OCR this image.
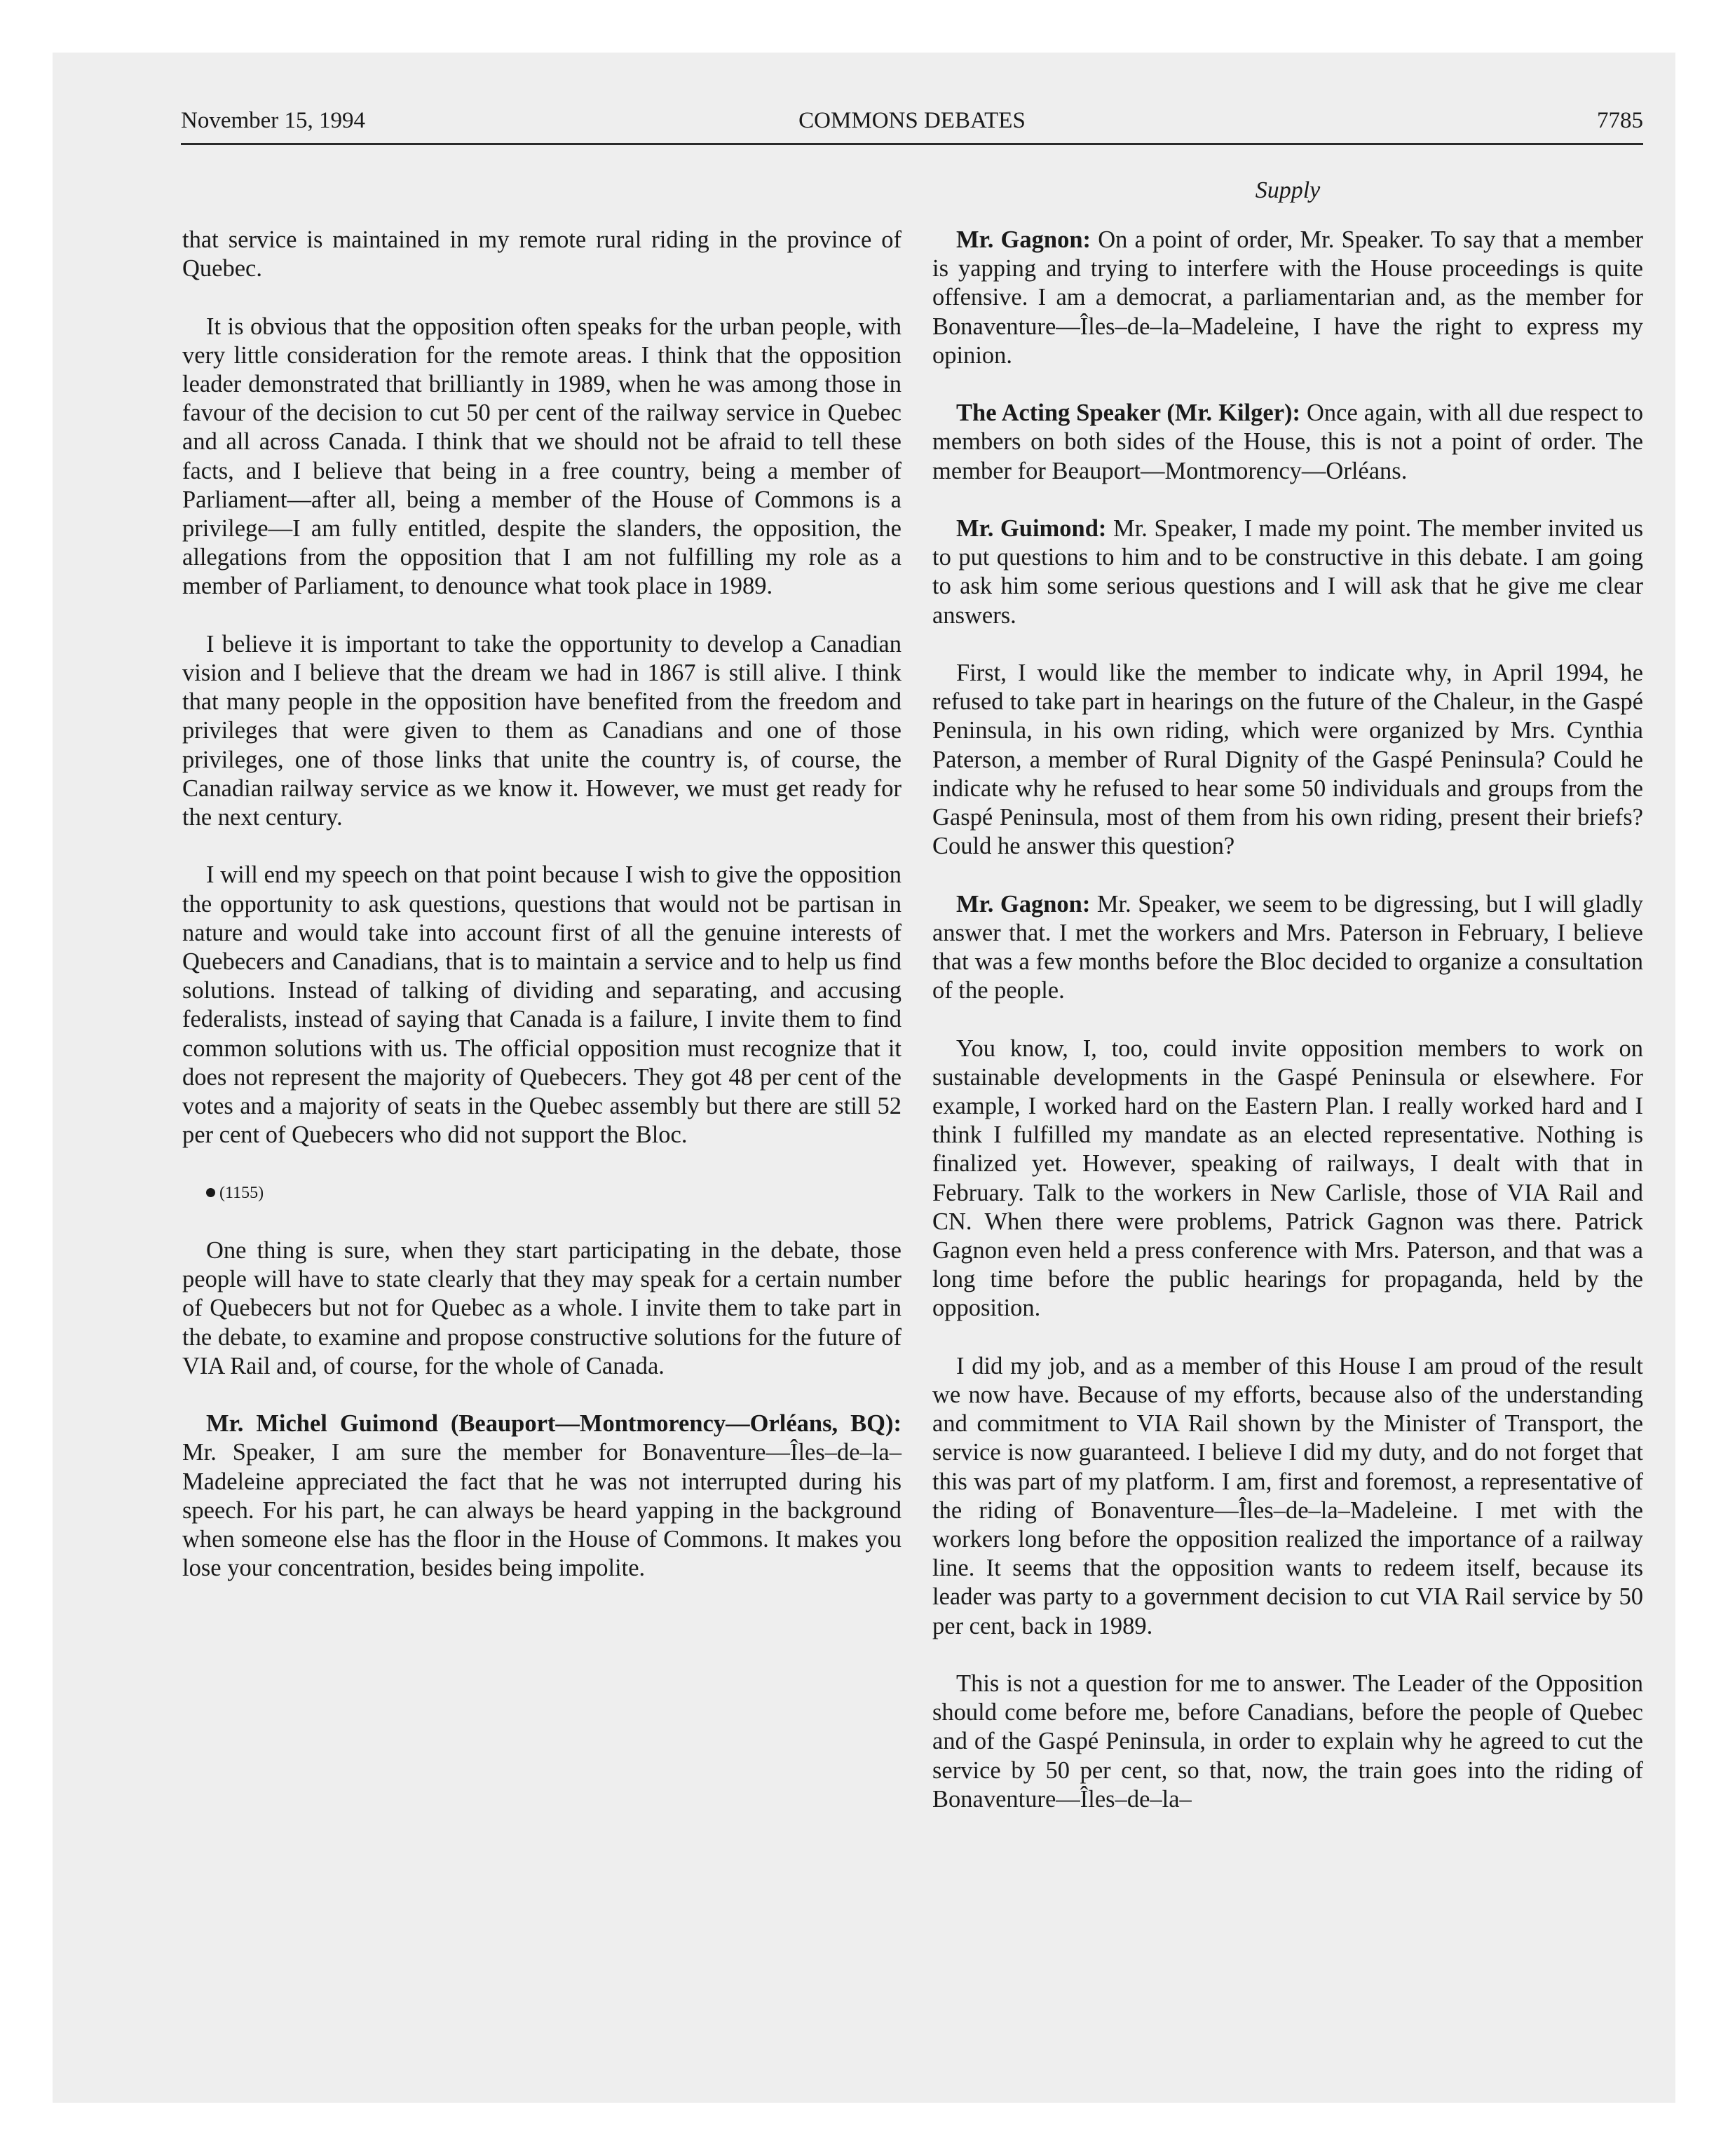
November 15, 1994	COMMONS DEBATES	7785
Supply

that service is maintained in my remote rural riding in the province of Quebec.

It is obvious that the opposition often speaks for the urban people, with very little consideration for the remote areas. I think that the opposition leader demonstrated that brilliantly in 1989, when he was among those in favour of the decision to cut 50 per cent of the railway service in Quebec and all across Canada. I think that we should not be afraid to tell these facts, and I believe that being in a free country, being a member of Parliament—after all, being a member of the House of Commons is a privilege—I am fully entitled, despite the slanders, the opposition, the allegations from the opposition that I am not fulfilling my role as a member of Parliament, to denounce what took place in 1989.

I believe it is important to take the opportunity to develop a Canadian vision and I believe that the dream we had in 1867 is still alive. I think that many people in the opposition have benefited from the freedom and privileges that were given to them as Canadians and one of those privileges, one of those links that unite the country is, of course, the Canadian railway service as we know it. However, we must get ready for the next century.

I will end my speech on that point because I wish to give the opposition the opportunity to ask questions, questions that would not be partisan in nature and would take into account first of all the genuine interests of Quebecers and Canadians, that is to maintain a service and to help us find solutions. Instead of talking of dividing and separating, and accusing federalists, instead of saying that Canada is a failure, I invite them to find common solutions with us. The official opposition must recognize that it does not represent the majority of Quebecers. They got 48 per cent of the votes and a majority of seats in the Quebec assembly but there are still 52 per cent of Quebecers who did not support the Bloc.

(1155)

One thing is sure, when they start participating in the debate, those people will have to state clearly that they may speak for a certain number of Quebecers but not for Quebec as a whole. I invite them to take part in the debate, to examine and propose constructive solutions for the future of VIA Rail and, of course, for the whole of Canada.

Mr. Michel Guimond (Beauport—Montmorency—Orléans, BQ): Mr. Speaker, I am sure the member for Bonaventure—Îles–de–la–Madeleine appreciated the fact that he was not interrupted during his speech. For his part, he can always be heard yapping in the background when someone else has the floor in the House of Commons. It makes you lose your concentration, besides being impolite.

Mr. Gagnon: On a point of order, Mr. Speaker. To say that a member is yapping and trying to interfere with the House proceedings is quite offensive. I am a democrat, a parliamentarian and, as the member for Bonaventure—Îles–de–la–Madeleine, I have the right to express my opinion.

The Acting Speaker (Mr. Kilger): Once again, with all due respect to members on both sides of the House, this is not a point of order. The member for Beauport—Montmorency—Orléans.

Mr. Guimond: Mr. Speaker, I made my point. The member invited us to put questions to him and to be constructive in this debate. I am going to ask him some serious questions and I will ask that he give me clear answers.

First, I would like the member to indicate why, in April 1994, he refused to take part in hearings on the future of the Chaleur, in the Gaspé Peninsula, in his own riding, which were organized by Mrs. Cynthia Paterson, a member of Rural Dignity of the Gaspé Peninsula? Could he indicate why he refused to hear some 50 individuals and groups from the Gaspé Peninsula, most of them from his own riding, present their briefs? Could he answer this question?

Mr. Gagnon: Mr. Speaker, we seem to be digressing, but I will gladly answer that. I met the workers and Mrs. Paterson in February, I believe that was a few months before the Bloc decided to organize a consultation of the people.

You know, I, too, could invite opposition members to work on sustainable developments in the Gaspé Peninsula or elsewhere. For example, I worked hard on the Eastern Plan. I really worked hard and I think I fulfilled my mandate as an elected representative. Nothing is finalized yet. However, speaking of railways, I dealt with that in February. Talk to the workers in New Carlisle, those of VIA Rail and CN. When there were problems, Patrick Gagnon was there. Patrick Gagnon even held a press conference with Mrs. Paterson, and that was a long time before the public hearings for propaganda, held by the opposition.

I did my job, and as a member of this House I am proud of the result we now have. Because of my efforts, because also of the understanding and commitment to VIA Rail shown by the Minister of Transport, the service is now guaranteed. I believe I did my duty, and do not forget that this was part of my platform. I am, first and foremost, a representative of the riding of Bonaventure—Îles–de–la–Madeleine. I met with the workers long before the opposition realized the importance of a railway line. It seems that the opposition wants to redeem itself, because its leader was party to a government decision to cut VIA Rail service by 50 per cent, back in 1989.

This is not a question for me to answer. The Leader of the Opposition should come before me, before Canadians, before the people of Quebec and of the Gaspé Peninsula, in order to explain why he agreed to cut the service by 50 per cent, so that, now, the train goes into the riding of Bonaventure—Îles–de–la–
